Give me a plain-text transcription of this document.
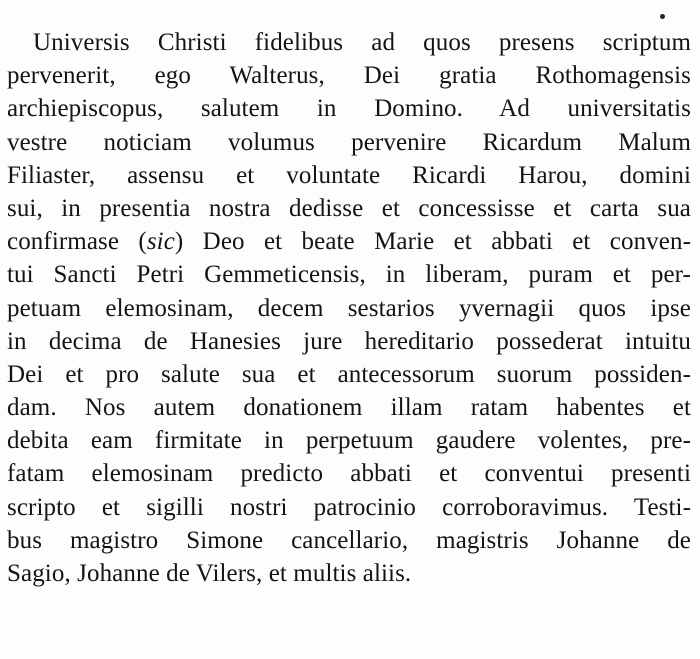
Universis Christi fidelibus ad quos presens scriptum
pervenerit, ego Walterus, Dei gratia Rothomagensis
archiepiscopus, salutem in Domino. Ad universitatis
vestre noticiam volumus pervenire Ricardum Malum
Filiaster, assensu et voluntate Ricardi Harou, domini
sui, in presentia nostra dedisse et concessisse et carta sua
confirmase (sic) Deo et beate Marie et abbati et conven-
tui Sancti Petri Gemmeticensis, in liberam, puram et per-
petuam elemosinam, decem sestarios yvernagii quos ipse
in decima de Hanesies jure hereditario possederat intuitu
Dei et pro salute sua et antecessorum suorum possiden-
dam. Nos autem donationem illam ratam habentes et
debita eam firmitate in perpetuum gaudere volentes, pre-
fatam elemosinam predicto abbati et conventui presenti
scripto et sigilli nostri patrocinio corroboravimus. Testi-
bus magistro Simone cancellario, magistris Johanne de
Sagio, Johanne de Vilers, et multis aliis.
